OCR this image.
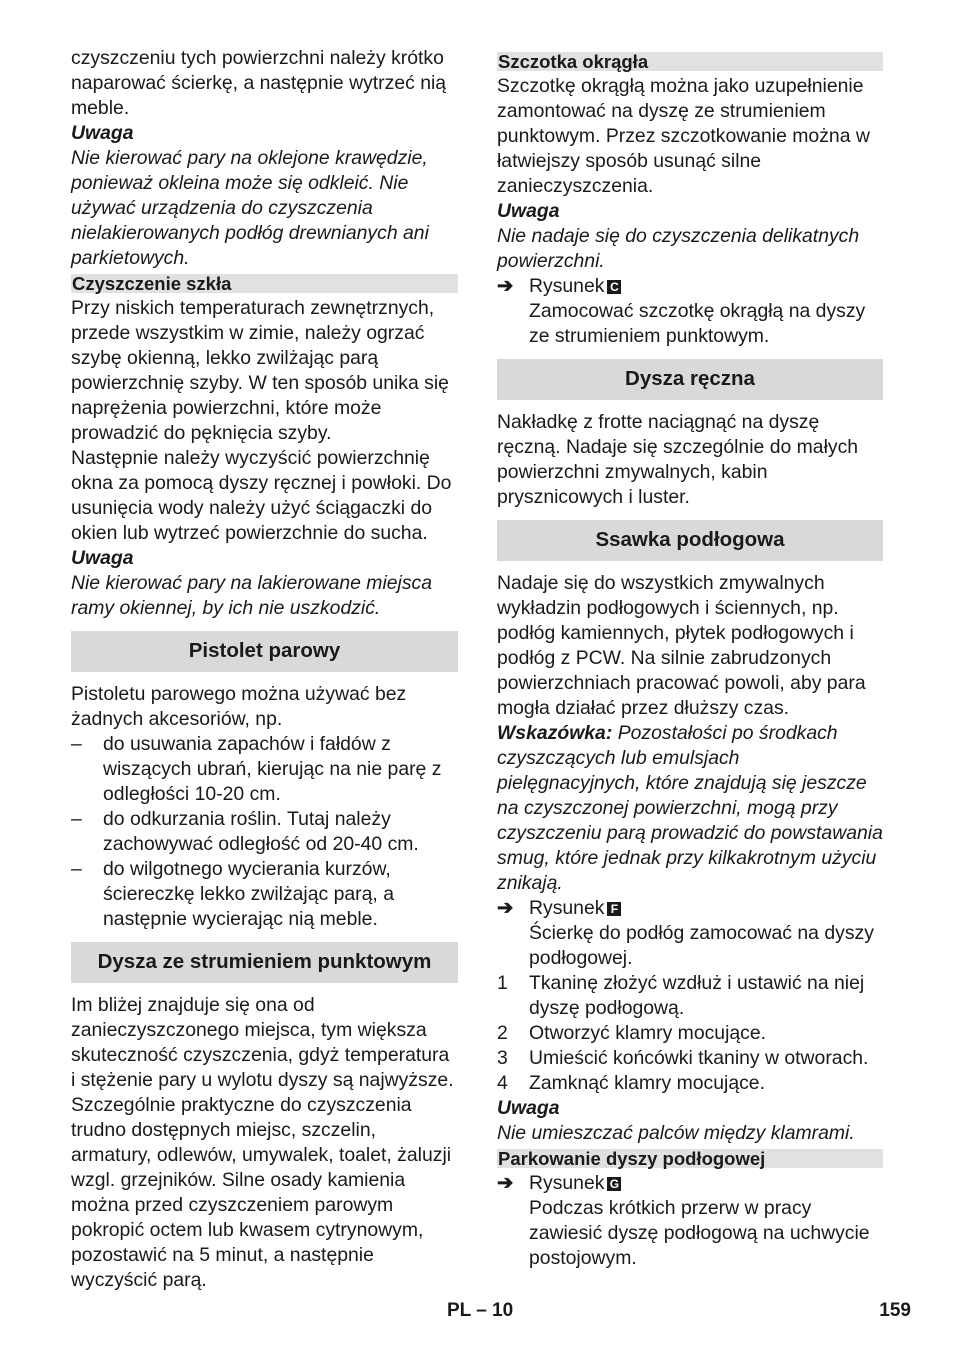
czyszczeniu tych powierzchni należy krótko naparować ścierkę, a następnie wytrzeć nią meble.

Uwaga

Nie kierować pary na oklejone krawędzie, ponieważ okleina może się odkleić. Nie używać urządzenia do czyszczenia nielakierowanych podłóg drewnianych ani parkietowych.

Czyszczenie szkła

Przy niskich temperaturach zewnętrznych, przede wszystkim w zimie, należy ogrzać szybę okienną, lekko zwilżając parą powierzchnię szyby. W ten sposób unika się naprężenia powierzchni, które może prowadzić do pęknięcia szyby.

Następnie należy wyczyścić powierzchnię okna za pomocą dyszy ręcznej i powłoki. Do usunięcia wody należy użyć ściągaczki do okien lub wytrzeć powierzchnie do sucha.

Uwaga

Nie kierować pary na lakierowane miejsca ramy okiennej, by ich nie uszkodzić.

Pistolet parowy

Pistoletu parowego można używać bez żadnych akcesoriów, np.

–	do usuwania zapachów i fałdów z wiszących ubrań, kierując na nie parę z odległości 10-20 cm.
–	do odkurzania roślin. Tutaj należy zachowywać odległość od 20-40 cm.
–	do wilgotnego wycierania kurzów, ściereczkę lekko zwilżając parą, a następnie wycierając nią meble.
Dysza ze strumieniem punktowym

Im bliżej znajduje się ona od zanieczyszczonego miejsca, tym większa skuteczność czyszczenia, gdyż temperatura i stężenie pary u wylotu dyszy są najwyższe. Szczególnie praktyczne do czyszczenia trudno dostępnych miejsc, szczelin, armatury, odlewów, umywalek, toalet, żaluzji wzgl. grzejników. Silne osady kamienia można przed czyszczeniem parowym pokropić octem lub kwasem cytrynowym, pozostawić na 5 minut, a następnie wyczyścić parą.

Szczotka okrągła

Szczotkę okrągłą można jako uzupełnienie zamontować na dyszę ze strumieniem punktowym. Przez szczotkowanie można w łatwiejszy sposób usunąć silne zanieczyszczenia.

Uwaga

Nie nadaje się do czyszczenia delikatnych powierzchni.

➔ Rysunek C
Zamocować szczotkę okrągłą na dyszy ze strumieniem punktowym.
Dysza ręczna

Nakładkę z frotte naciągnąć na dyszę ręczną. Nadaje się szczególnie do małych powierzchni zmywalnych, kabin prysznicowych i luster.

Ssawka podłogowa

Nadaje się do wszystkich zmywalnych wykładzin podłogowych i ściennych, np. podłóg kamiennych, płytek podłogowych i podłóg z PCW. Na silnie zabrudzonych powierzchniach pracować powoli, aby para mogła działać przez dłuższy czas.

Wskazówka: Pozostałości po środkach czyszczących lub emulsjach pielęgnacyjnych, które znajdują się jeszcze na czyszczonej powierzchni, mogą przy czyszczeniu parą prowadzić do powstawania smug, które jednak przy kilkakrotnym użyciu znikają.

➔ Rysunek F
Ścierkę do podłóg zamocować na dyszy podłogowej.
1	Tkaninę złożyć wzdłuż i ustawić na niej dyszę podłogową.
2	Otworzyć klamry mocujące.
3	Umieścić końcówki tkaniny w otworach.
4	Zamknąć klamry mocujące.

Uwaga

Nie umieszczać palców między klamrami.

Parkowanie dyszy podłogowej
➔ Rysunek G
Podczas krótkich przerw w pracy zawiesić dyszę podłogową na uchwycie postojowym.
PL – 10	159
